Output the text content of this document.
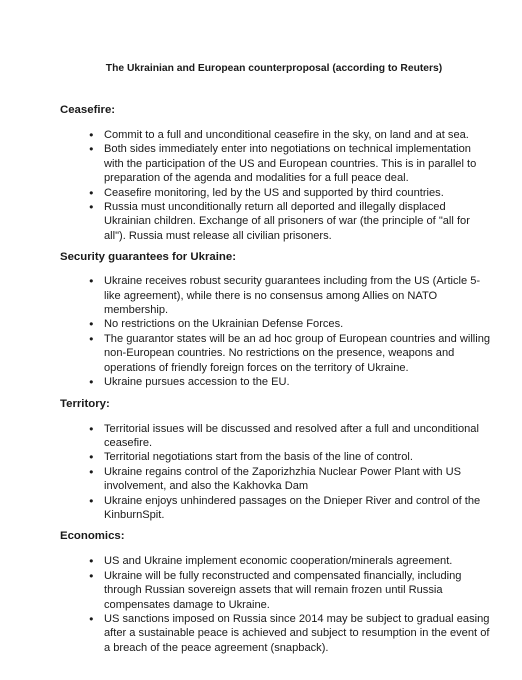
The Ukrainian and European counterproposal (according to Reuters)
Ceasefire:
● Commit to a full and unconditional ceasefire in the sky, on land and at sea.
● Both sides immediately enter into negotiations on technical implementation with the participation of the US and European countries. This is in parallel to preparation of the agenda and modalities for a full peace deal.
● Ceasefire monitoring, led by the US and supported by third countries.
● Russia must unconditionally return all deported and illegally displaced Ukrainian children. Exchange of all prisoners of war (the principle of "all for all"). Russia must release all civilian prisoners.
Security guarantees for Ukraine:
● Ukraine receives robust security guarantees including from the US (Article 5-like agreement), while there is no consensus among Allies on NATO membership.
● No restrictions on the Ukrainian Defense Forces.
● The guarantor states will be an ad hoc group of European countries and willing non-European countries. No restrictions on the presence, weapons and operations of friendly foreign forces on the territory of Ukraine.
● Ukraine pursues accession to the EU.
Territory:
● Territorial issues will be discussed and resolved after a full and unconditional ceasefire.
● Territorial negotiations start from the basis of the line of control.
● Ukraine regains control of the Zaporizhzhia Nuclear Power Plant with US involvement, and also the Kakhovka Dam
● Ukraine enjoys unhindered passages on the Dnieper River and control of the KinburnSpit.
Economics:
● US and Ukraine implement economic cooperation/minerals agreement.
● Ukraine will be fully reconstructed and compensated financially, including through Russian sovereign assets that will remain frozen until Russia compensates damage to Ukraine.
● US sanctions imposed on Russia since 2014 may be subject to gradual easing after a sustainable peace is achieved and subject to resumption in the event of a breach of the peace agreement (snapback).
